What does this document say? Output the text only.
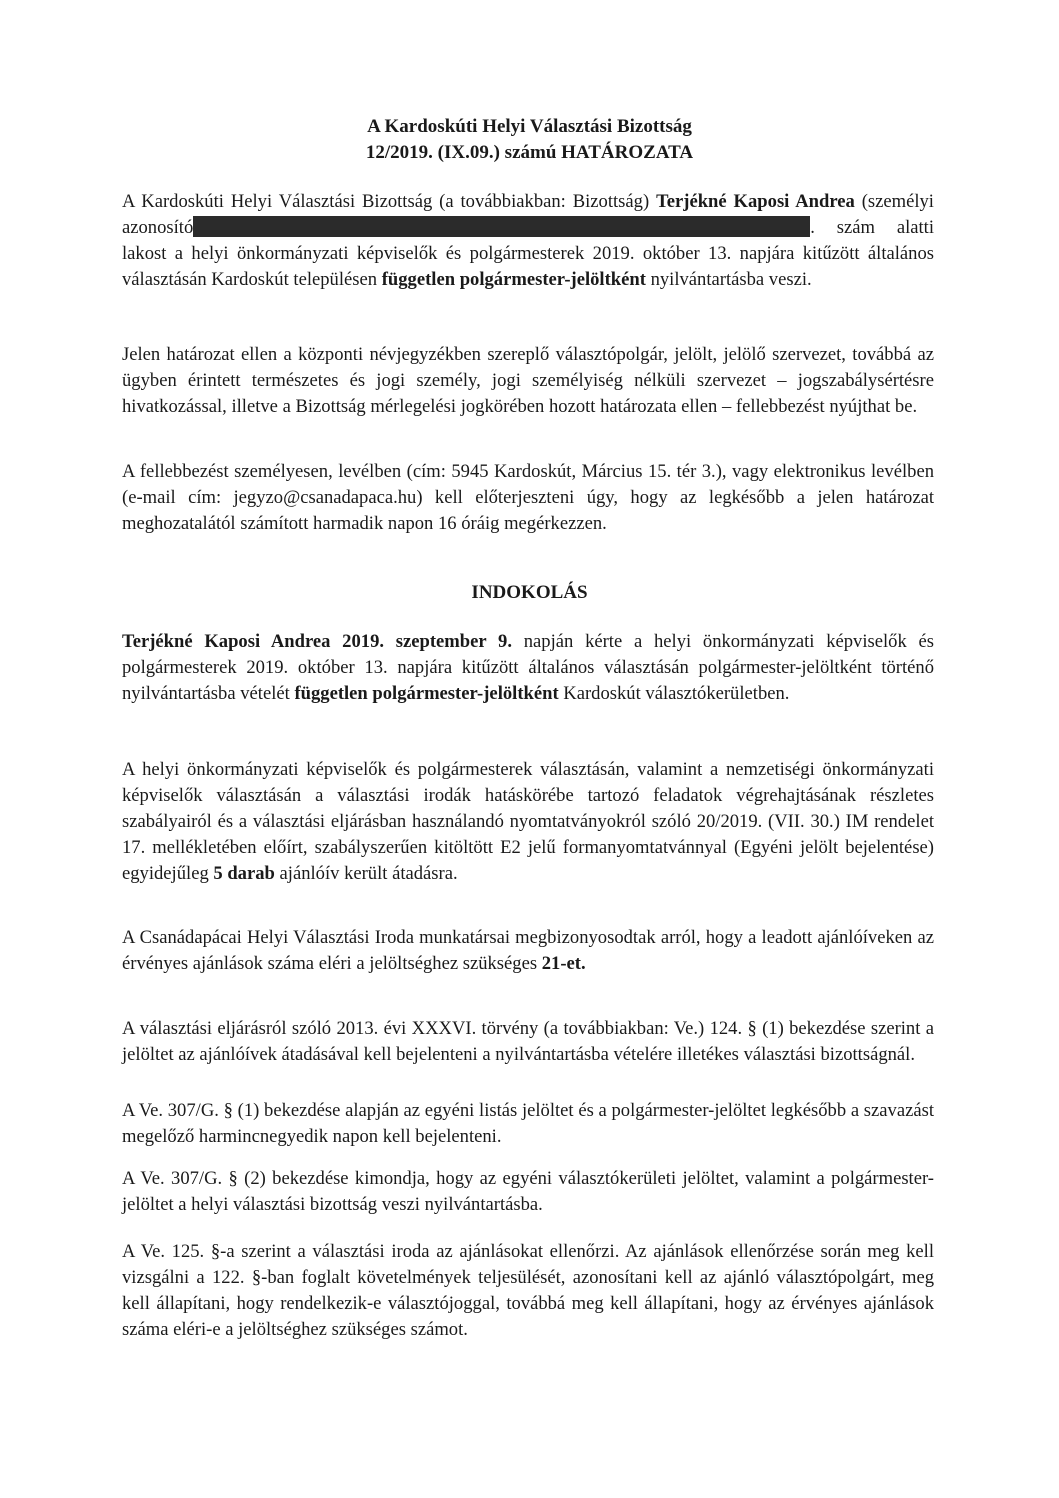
A Kardoskúti Helyi Választási Bizottság
12/2019. (IX.09.) számú HATÁROZATA
A Kardoskúti Helyi Választási Bizottság (a továbbiakban: Bizottság) Terjékné Kaposi Andrea (személyi azonosító	. szám alatti lakost a helyi önkormányzati képviselők és polgármesterek 2019. október 13. napjára kitűzött általános választásán Kardoskút településen független polgármester-jelöltként nyilvántartásba veszi.
Jelen határozat ellen a központi névjegyzékben szereplő választópolgár, jelölt, jelölő szervezet, továbbá az ügyben érintett természetes és jogi személy, jogi személyiség nélküli szervezet – jogszabálysértésre hivatkozással, illetve a Bizottság mérlegelési jogkörében hozott határozata ellen – fellebbezést nyújthat be.
A fellebbezést személyesen, levélben (cím: 5945 Kardoskút, Március 15. tér 3.), vagy elektronikus levélben (e-mail cím: jegyzo@csanadapaca.hu) kell előterjeszteni úgy, hogy az legkésőbb a jelen határozat meghozatalától számított harmadik napon 16 óráig megérkezzen.
INDOKOLÁS
Terjékné Kaposi Andrea 2019. szeptember 9. napján kérte a helyi önkormányzati képviselők és polgármesterek 2019. október 13. napjára kitűzött általános választásán polgármester-jelöltként történő nyilvántartásba vételét független polgármester-jelöltként Kardoskút választókerületben.
A helyi önkormányzati képviselők és polgármesterek választásán, valamint a nemzetiségi önkormányzati képviselők választásán a választási irodák hatáskörébe tartozó feladatok végrehajtásának részletes szabályairól és a választási eljárásban használandó nyomtatványokról szóló 20/2019. (VII. 30.) IM rendelet 17. mellékletében előírt, szabályszerűen kitöltött E2 jelű formanyomtatvánnyal (Egyéni jelölt bejelentése) egyidejűleg 5 darab ajánlóív került átadásra.
A Csanádapácai Helyi Választási Iroda munkatársai megbizonyosodtak arról, hogy a leadott ajánlóíveken az érvényes ajánlások száma eléri a jelöltséghez szükséges 21-et.
A választási eljárásról szóló 2013. évi XXXVI. törvény (a továbbiakban: Ve.) 124. § (1) bekezdése szerint a jelöltet az ajánlóívek átadásával kell bejelenteni a nyilvántartásba vételére illetékes választási bizottságnál.
A Ve. 307/G. § (1) bekezdése alapján az egyéni listás jelöltet és a polgármester-jelöltet legkésőbb a szavazást megelőző harmincnegyedik napon kell bejelenteni.
A Ve. 307/G. § (2) bekezdése kimondja, hogy az egyéni választókerületi jelöltet, valamint a polgármester-jelöltet a helyi választási bizottság veszi nyilvántartásba.
A Ve. 125. §-a szerint a választási iroda az ajánlásokat ellenőrzi. Az ajánlások ellenőrzése során meg kell vizsgálni a 122. §-ban foglalt követelmények teljesülését, azonosítani kell az ajánló választópolgárt, meg kell állapítani, hogy rendelkezik-e választójoggal, továbbá meg kell állapítani, hogy az érvényes ajánlások száma eléri-e a jelöltséghez szükséges számot.
